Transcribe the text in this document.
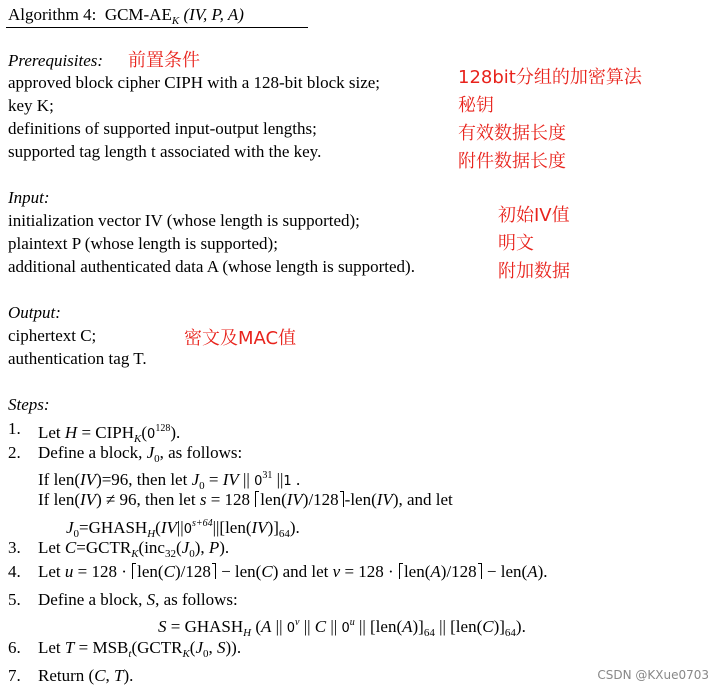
Algorithm 4: GCM-$AE_K$ (IV, P, A)
Prerequisites:
approved block cipher CIPH with a 128-bit block size;
key K;
definitions of supported input-output lengths;
supported tag length t associated with the key.
Input:
initialization vector IV (whose length is supported);
plaintext P (whose length is supported);
additional authenticated data A (whose length is supported).
Output:
ciphertext C;
authentication tag T.
Steps:
1. Let $H = CIPH_K(0^{128})$.
2. Define a block, $J_0$, as follows:
If len(IV)=96, then let $J_0$ = IV || $0^{31}$ ||1 .
If len(IV) ≠ 96, then let s = 128 len(IV)/128 -len(IV), and let
$J_0=GHASH_H(IV||0^{s+64}||[len(IV)]_{64})$.
3. Let $C=GCTR_K(inc_{32}(J_0)$, P).
4. Let u = 128 · len(C)/128 − len(C) and let v = 128 · len(A)/128 − len(A).
5. Define a block, S, as follows:
$S = GHASH_H$ (A || 0$^v$ || C || 0$^u$ || $[len(A)]_{64}$ || $[len(C)]_{64}$).
6. Let $T = MSB_t(GCTR_K(J_0$, S)).
7. Return (C, T).
前置条件
128bit分组的加密算法
秘钥
有效数据长度
附件数据长度
初始IV值
明文
附加数据
密文及MAC值
CSDN @KXue0703
